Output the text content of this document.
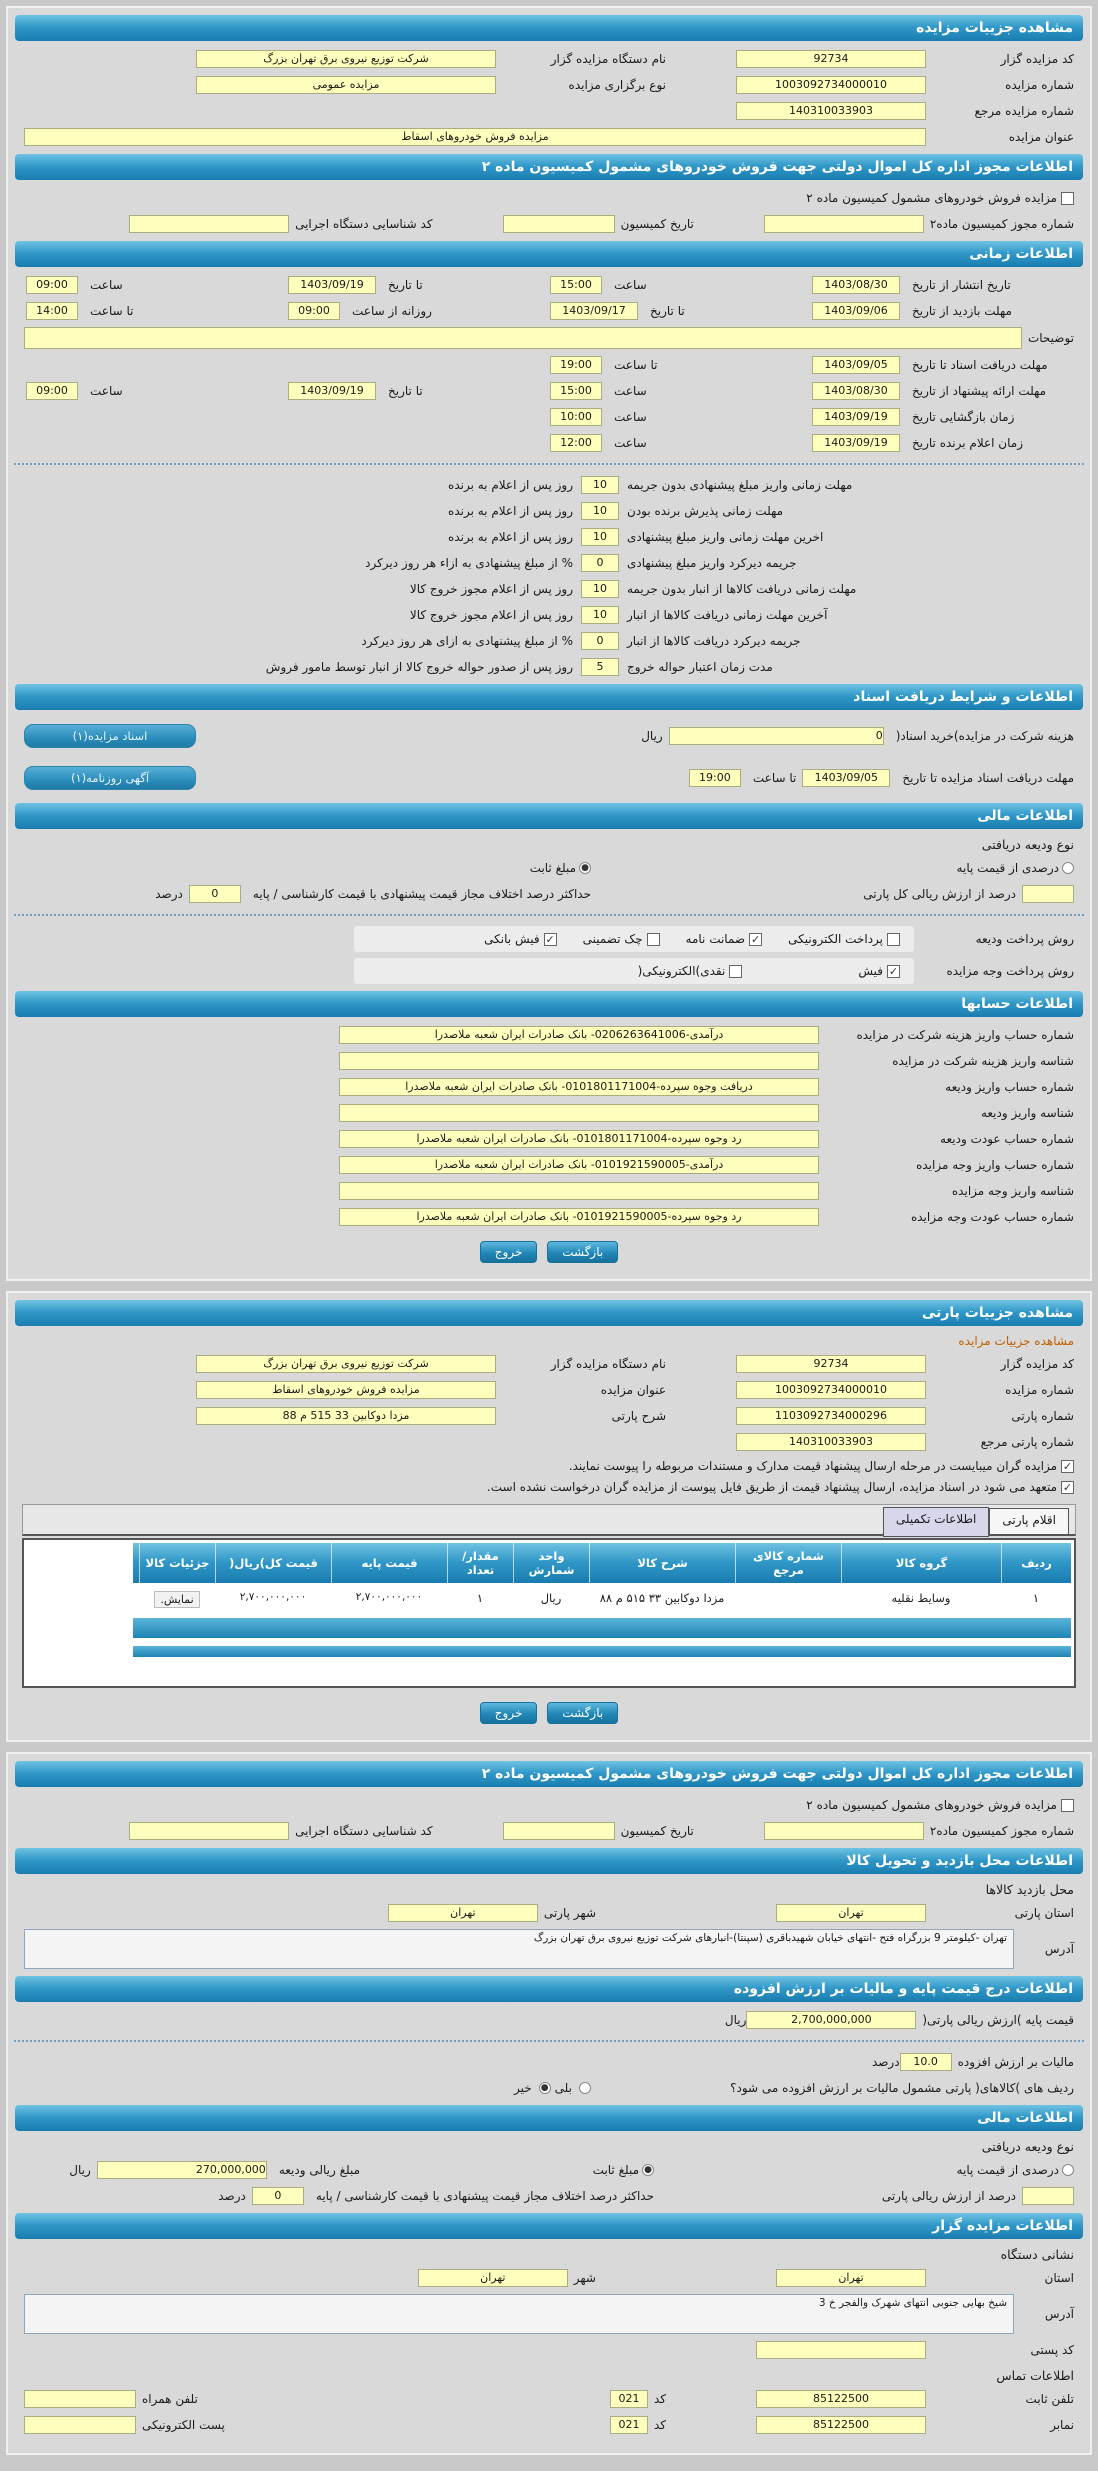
مشاهده جزییات مزایده
کد مزایده گزار
92734
نام دستگاه مزایده گزار
شرکت توزیع نیروی برق تهران بزرگ
شماره مزایده
1003092734000010
نوع برگزاری مزایده
مزایده عمومی
شماره مزایده مرجع
140310033903
عنوان مزایده
مزایده فروش خودروهای اسقاط
اطلاعات مجوز اداره کل اموال دولتی جهت فروش خودروهای مشمول کمیسیون ماده ۲
مزایده فروش خودروهای مشمول کمیسیون ماده ۲
شماره مجوز کمیسیون ماده۲
تاریخ کمیسیون
کد شناسایی دستگاه اجرایی
اطلاعات زمانی
تاریخ انتشار از تاریخ
1403/08/30
ساعت
15:00
تا تاریخ
1403/09/19
ساعت
09:00
مهلت بازدید از تاریخ
1403/09/06
تا تاریخ
1403/09/17
روزانه از ساعت
09:00
تا ساعت
14:00
توضیحات
مهلت دریافت اسناد تا تاریخ
1403/09/05
تا ساعت
19:00
مهلت ارائه پیشنهاد از تاریخ
1403/08/30
ساعت
15:00
تا تاریخ
1403/09/19
ساعت
09:00
زمان بازگشایی تاریخ
1403/09/19
ساعت
10:00
زمان اعلام برنده تاریخ
1403/09/19
ساعت
12:00
مهلت زمانی واریز مبلغ پیشنهادی بدون جریمه
10
روز پس از اعلام به برنده
مهلت زمانی پذیرش برنده بودن
10
روز پس از اعلام به برنده
اخرین مهلت زمانی واریز مبلغ پیشنهادی
10
روز پس از اعلام به برنده
جریمه دیرکرد واریز مبلغ پیشنهادی
0
% از مبلغ پیشنهادی به ازاء هر روز دیرکرد
مهلت زمانی دریافت کالاها از انبار بدون جریمه
10
روز پس از اعلام مجوز خروج کالا
آخرین مهلت زمانی دریافت کالاها از انبار
10
روز پس از اعلام مجوز خروج کالا
جریمه دیرکرد دریافت کالاها از انبار
0
% از مبلغ پیشنهادی به ازای هر روز دیرکرد
مدت زمان اعتبار حواله خروج
5
روز پس از صدور حواله خروج کالا از انبار توسط مامور فروش
اطلاعات و شرایط دریافت اسناد
هزینه شرکت در مزایده)خرید اسناد(
0
ریال
اسناد مزایده(۱)
مهلت دریافت اسناد مزایده تا تاریخ
1403/09/05
تا ساعت
19:00
آگهی روزنامه(۱)
اطلاعات مالی
نوع ودیعه دریافتی
درصدی از قیمت پایه
●
مبلغ ثابت
درصد از ارزش ریالی کل پارتی
حداکثر درصد اختلاف مجاز قیمت پیشنهادی با قیمت کارشناسی / پایه
0
درصد
روش پرداخت ودیعه
پرداخت الکترونیکی
✓ضمانت نامه
چک تضمینی
✓فیش بانکی
روش پرداخت وجه مزایده
✓فیش
نقدی)الکترونیکی(
اطلاعات حسابها
شماره حساب واریز هزینه شرکت در مزایده
درآمدی-0206263641006- بانک صادرات ایران شعبه ملاصدرا
شناسه واریز هزینه شرکت در مزایده
شماره حساب واریز ودیعه
دریافت وجوه سپرده-0101801171004- بانک صادرات ایران شعبه ملاصدرا
شناسه واریز ودیعه
شماره حساب عودت ودیعه
رد وجوه سپرده-0101801171004- بانک صادرات ایران شعبه ملاصدرا
شماره حساب واریز وجه مزایده
درآمدی-0101921590005- بانک صادرات ایران شعبه ملاصدرا
شناسه واریز وجه مزایده
شماره حساب عودت وجه مزایده
رد وجوه سپرده-0101921590005- بانک صادرات ایران شعبه ملاصدرا
بازگشت خروج
مشاهده جزییات پارتی
مشاهده جزییات مزایده
کد مزایده گزار
92734
نام دستگاه مزایده گزار
شرکت توزیع نیروی برق تهران بزرگ
شماره مزایده
1003092734000010
عنوان مزایده
مزایده فروش خودروهای اسقاط
شماره پارتی
1103092734000296
شرح پارتی
مزدا دوکابین 33 515 م 88
شماره پارتی مرجع
140310033903
✓
مزایده گران میبایست در مرحله ارسال پیشنهاد قیمت مدارک و مستندات مربوطه را پیوست نمایند.
✓
متعهد می شود در اسناد مزایده، ارسال پیشنهاد قیمت از طریق فایل پیوست از مزایده گران درخواست نشده است.
اقلام پارتی
اطلاعات تکمیلی
ردیف
گروه کالا
شماره کالای مرجع
شرح کالا
واحد شمارش
مقدار/ تعداد
قیمت پایه
قیمت کل)ریال(
جزئیات کالا
۱
وسایط نقلیه
مزدا دوکابین ۳۳ ۵۱۵ م ۸۸
ریال
۱
۲,۷۰۰,۰۰۰,۰۰۰
۲,۷۰۰,۰۰۰,۰۰۰
نمایش.
بازگشت خروج
اطلاعات مجوز اداره کل اموال دولتی جهت فروش خودروهای مشمول کمیسیون ماده ۲
مزایده فروش خودروهای مشمول کمیسیون ماده ۲
شماره مجوز کمیسیون ماده۲
تاریخ کمیسیون
کد شناسایی دستگاه اجرایی
اطلاعات محل بازدید و تحویل کالا
محل بازدید کالاها
استان پارتی
تهران
شهر پارتی
تهران
آدرس
تهران -کیلومتر 9 بزرگراه فتح -انتهای خیابان شهیدباقری (سپنتا)-انبارهای شرکت توزیع نیروی برق تهران بزرگ
اطلاعات درج قیمت پایه و مالیات بر ارزش افزوده
قیمت پایه )ارزش ریالی پارتی(
2,700,000,000
ریال
مالیات بر ارزش افزوده
10.0
درصد
ردیف های )کالاهای( پارتی مشمول مالیات بر ارزش افزوده می شود؟
بلی
●
خیر
اطلاعات مالی
نوع ودیعه دریافتی
درصدی از قیمت پایه
●
مبلغ ثابت
مبلغ ریالی ودیعه
270,000,000
ریال
درصد از ارزش ریالی پارتی
حداکثر درصد اختلاف مجاز قیمت پیشنهادی با قیمت کارشناسی / پایه
0
درصد
اطلاعات مزایده گزار
نشانی دستگاه
استان
تهران
شهر
تهران
آدرس
شیخ بهایی جنوبی انتهای شهرک والفجر خ 3
کد پستی
اطلاعات تماس
تلفن ثابت
85122500
کد
021
تلفن همراه
نمابر
85122500
کد
021
پست الکترونیکی
